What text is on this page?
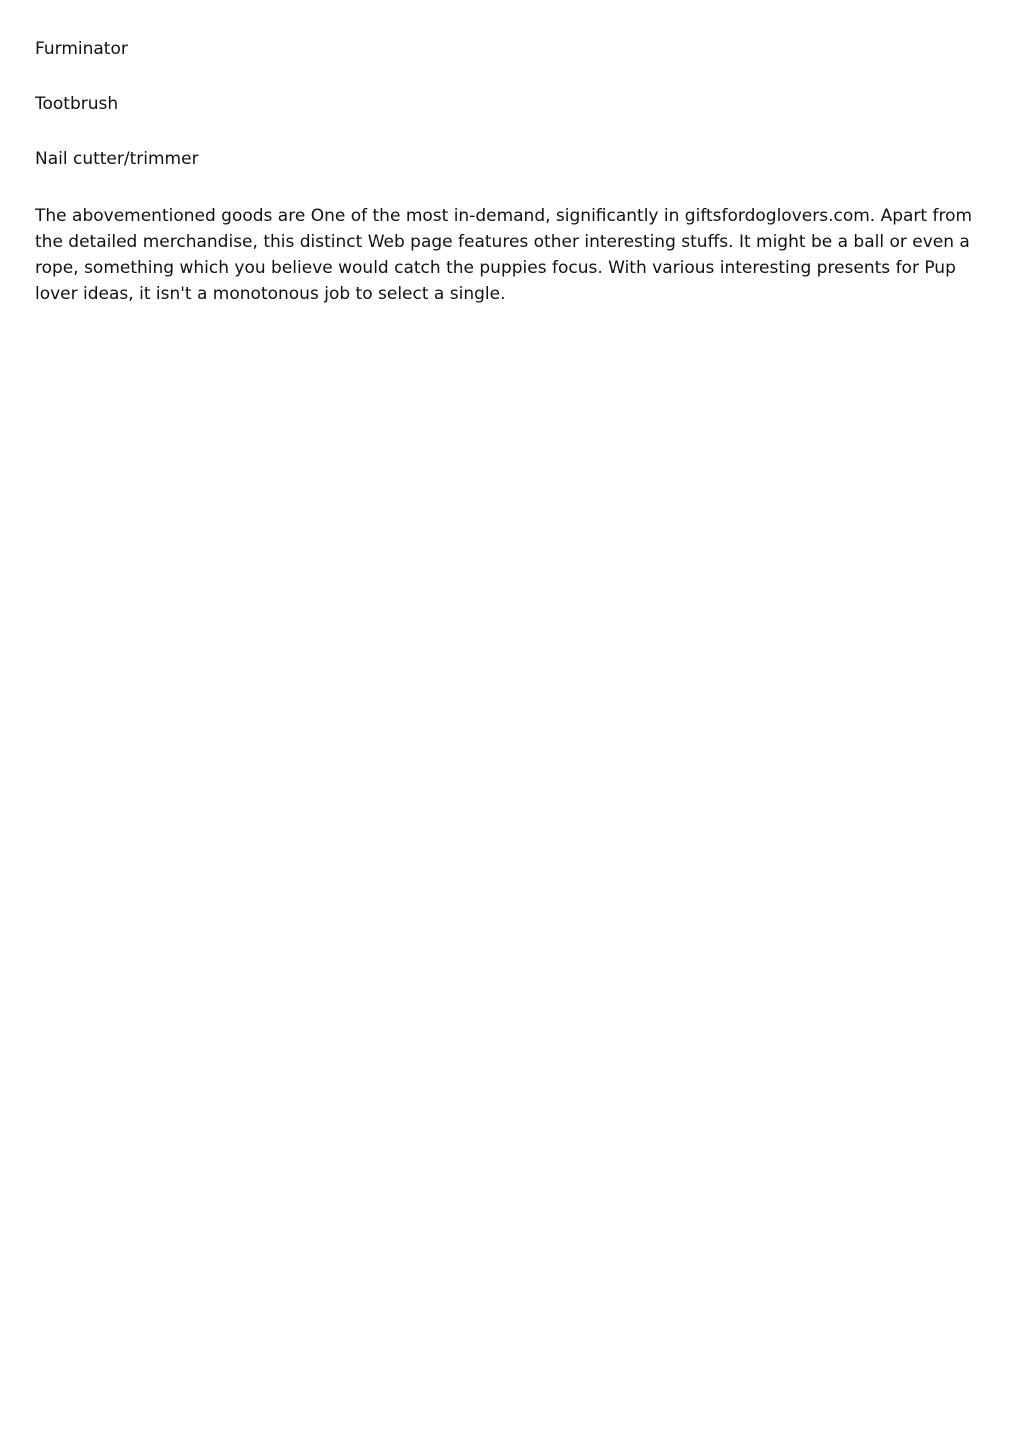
Furminator

Tootbrush

Nail cutter/trimmer

The abovementioned goods are One of the most in-demand, significantly in giftsfordoglovers.com. Apart from the detailed merchandise, this distinct Web page features other interesting stuffs. It might be a ball or even a rope, something which you believe would catch the puppies focus. With various interesting presents for Pup lover ideas, it isn't a monotonous job to select a single.
